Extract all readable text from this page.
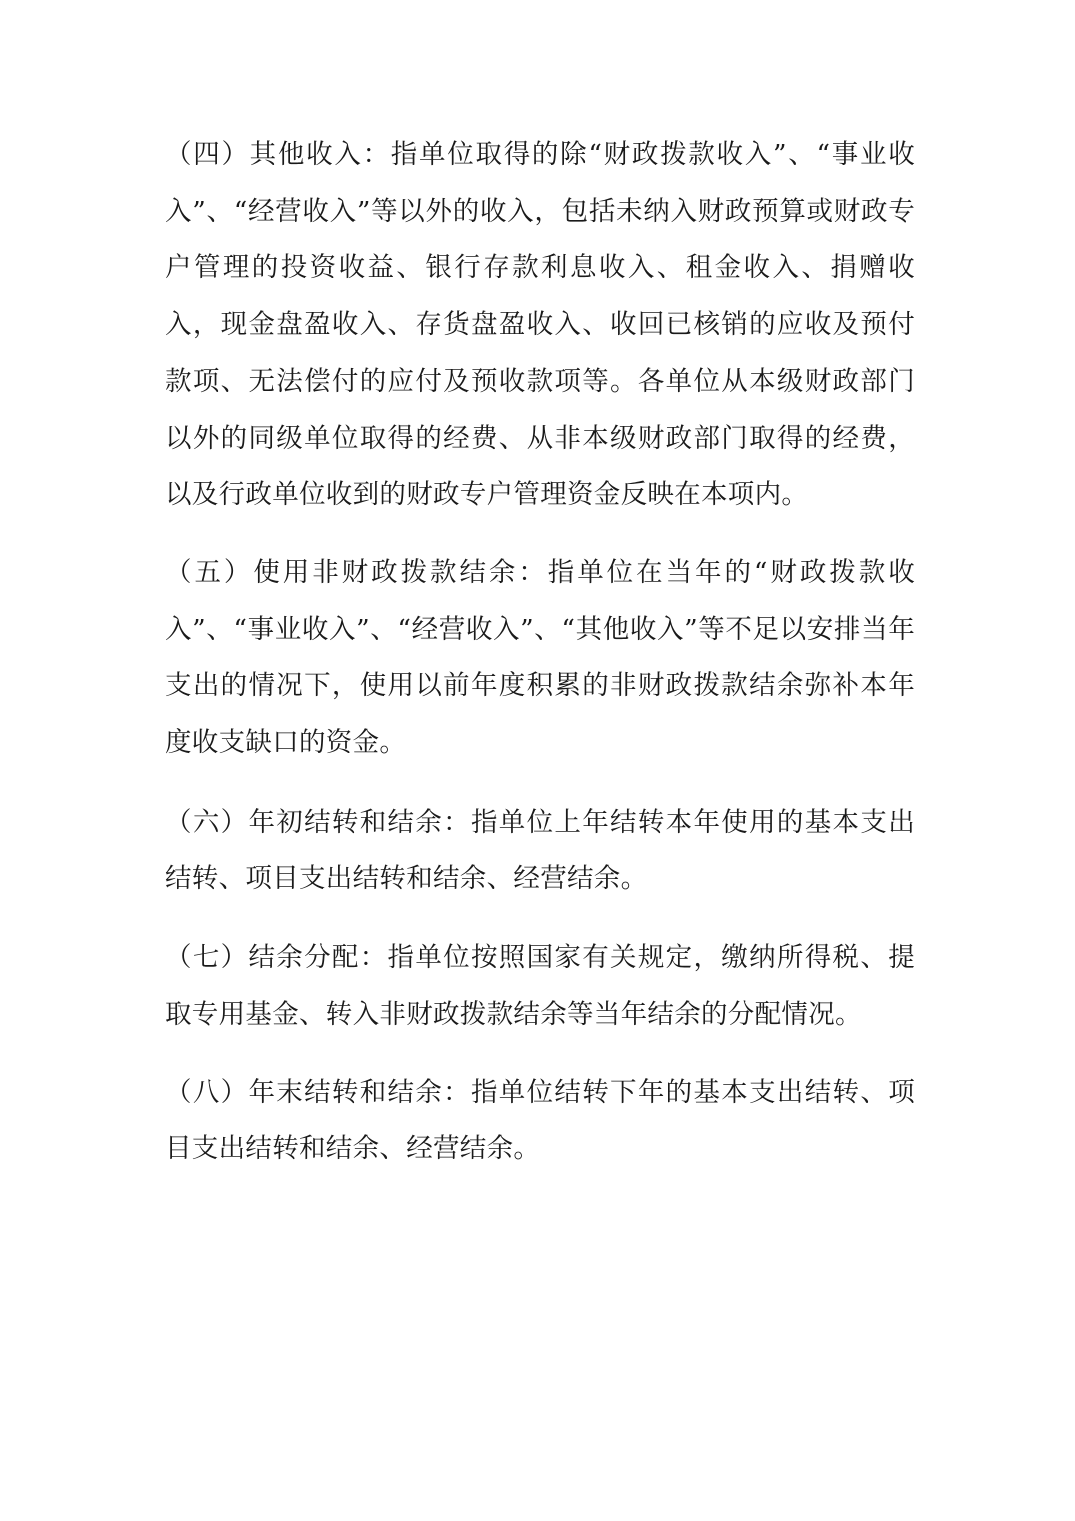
（四）其他收入：指单位取得的除“财政拨款收入”、“事业收入”、“经营收入”等以外的收入，包括未纳入财政预算或财政专户管理的投资收益、银行存款利息收入、租金收入、捐赠收入，现金盘盈收入、存货盘盈收入、收回已核销的应收及预付款项、无法偿付的应付及预收款项等。各单位从本级财政部门以外的同级单位取得的经费、从非本级财政部门取得的经费，以及行政单位收到的财政专户管理资金反映在本项内。

（五）使用非财政拨款结余：指单位在当年的“财政拨款收入”、“事业收入”、“经营收入”、“其他收入”等不足以安排当年支出的情况下，使用以前年度积累的非财政拨款结余弥补本年度收支缺口的资金。

（六）年初结转和结余：指单位上年结转本年使用的基本支出结转、项目支出结转和结余、经营结余。

（七）结余分配：指单位按照国家有关规定，缴纳所得税、提取专用基金、转入非财政拨款结余等当年结余的分配情况。

（八）年末结转和结余：指单位结转下年的基本支出结转、项目支出结转和结余、经营结余。
